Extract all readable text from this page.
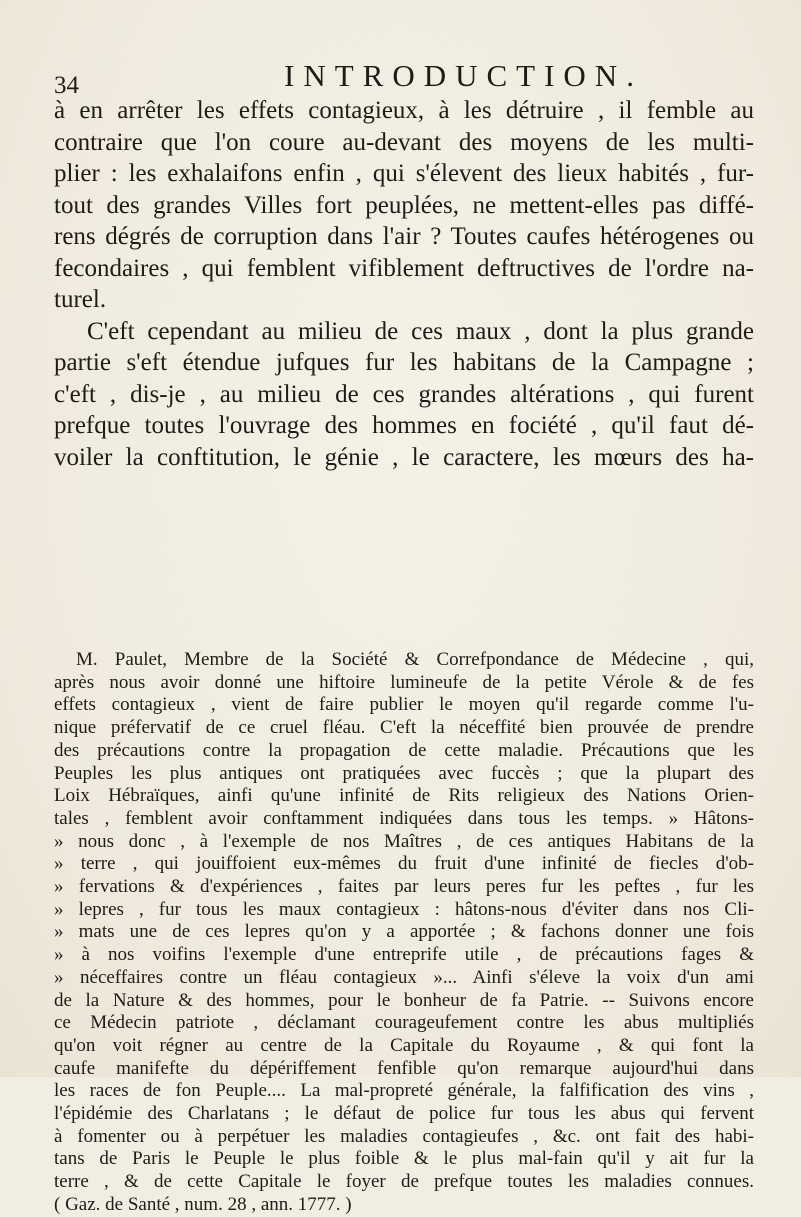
34	INTRODUCTION.
à en arrêter les effets contagieux, à les détruire , il femble au
contraire que l'on coure au-devant des moyens de les multi-
plier : les exhalaifons enfin , qui s'élevent des lieux habités , fur-
tout des grandes Villes fort peuplées, ne mettent-elles pas diffé-
rens dégrés de corruption dans l'air ? Toutes caufes hétérogenes ou
fecondaires , qui femblent vifiblement deftructives de l'ordre na-
turel.
C'eft cependant au milieu de ces maux , dont la plus grande
partie s'eft étendue jufques fur les habitans de la Campagne ;
c'eft , dis-je , au milieu de ces grandes altérations , qui furent
prefque toutes l'ouvrage des hommes en fociété , qu'il faut dé-
voiler la conftitution, le génie , le caractere, les mœurs des ha-
M. Paulet, Membre de la Société & Correfpondance de Médecine , qui,
après nous avoir donné une hiftoire lumineufe de la petite Vérole & de fes
effets contagieux , vient de faire publier le moyen qu'il regarde comme l'u-
nique préfervatif de ce cruel fléau. C'eft la néceffité bien prouvée de prendre
des précautions contre la propagation de cette maladie. Précautions que les
Peuples les plus antiques ont pratiquées avec fuccès ; que la plupart des
Loix Hébraïques, ainfi qu'une infinité de Rits religieux des Nations Orien-
tales , femblent avoir conftamment indiquées dans tous les temps. » Hâtons-
» nous donc , à l'exemple de nos Maîtres , de ces antiques Habitans de la
» terre , qui jouiffoient eux-mêmes du fruit d'une infinité de fiecles d'ob-
» fervations & d'expériences , faites par leurs peres fur les peftes , fur les
» lepres , fur tous les maux contagieux : hâtons-nous d'éviter dans nos Cli-
» mats une de ces lepres qu'on y a apportée ; & fachons donner une fois
» à nos voifins l'exemple d'une entreprife utile , de précautions fages &
» néceffaires contre un fléau contagieux »... Ainfi s'éleve la voix d'un ami
de la Nature & des hommes, pour le bonheur de fa Patrie. -- Suivons encore
ce Médecin patriote , déclamant courageufement contre les abus multipliés
qu'on voit régner au centre de la Capitale du Royaume , & qui font la
caufe manifefte du dépériffement fenfible qu'on remarque aujourd'hui dans
les races de fon Peuple.... La mal-propreté générale, la falfification des vins ,
l'épidémie des Charlatans ; le défaut de police fur tous les abus qui fervent
à fomenter ou à perpétuer les maladies contagieufes , &c. ont fait des habi-
tans de Paris le Peuple le plus foible & le plus mal-fain qu'il y ait fur la
terre , & de cette Capitale le foyer de prefque toutes les maladies connues.
( Gaz. de Santé , num. 28 , ann. 1777. )
